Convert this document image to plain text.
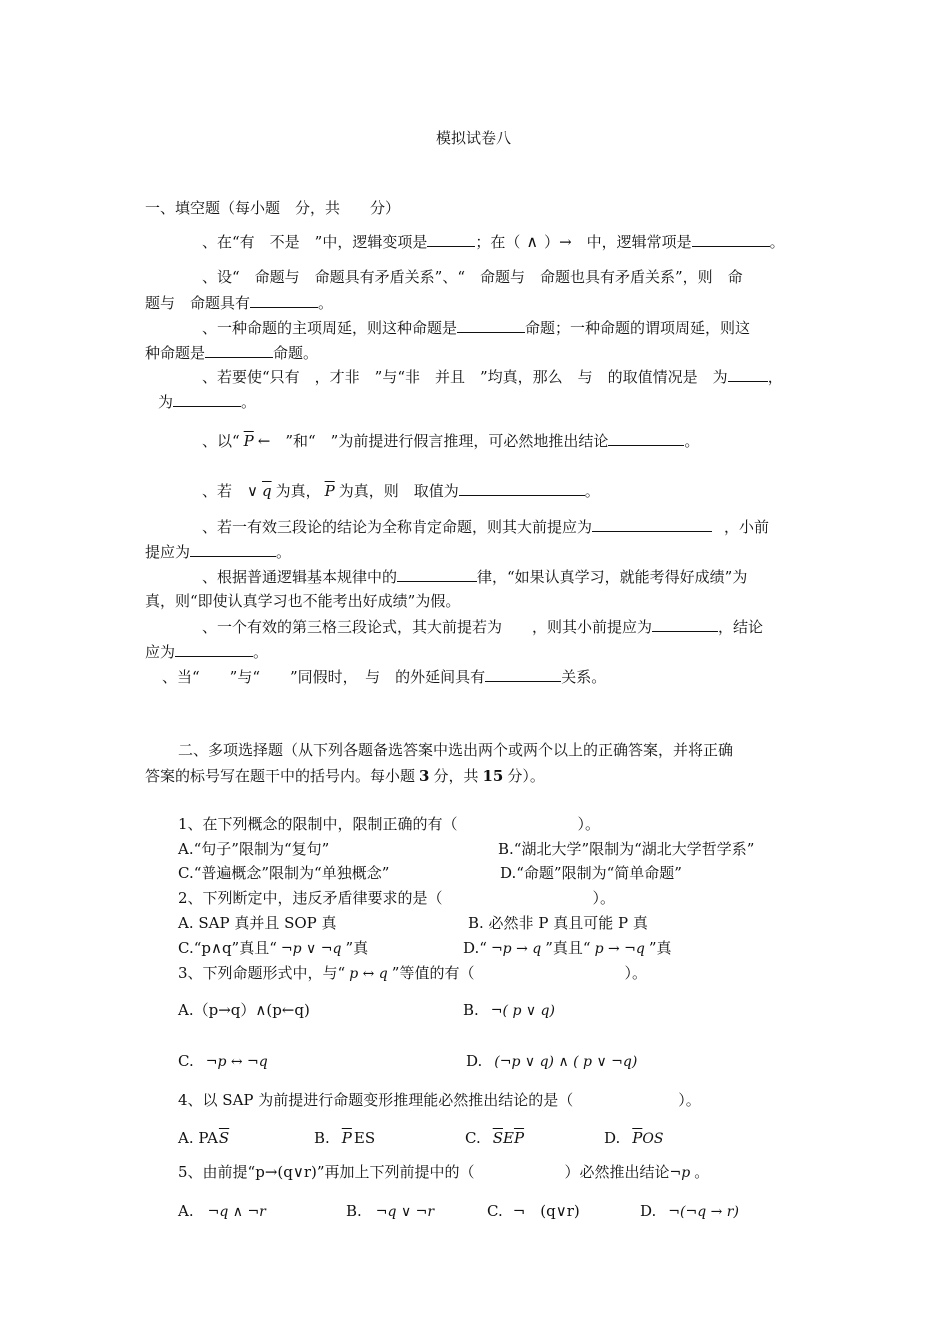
模拟试卷八
一、填空题（每小题　分，共　　分）
、在“有　不是　”中，逻辑变项是	；在（ ∧ ）→　中，逻辑常项是	。
、设“　命题与　命题具有矛盾关系”、“　命题与　命题也具有矛盾关系”，则　命
题与　命题具有	。
、一种命题的主项周延，则这种命题是	命题；一种命题的谓项周延，则这
种命题是	命题。
、若要使“只有　，才非　”与“非　并且　”均真，那么　与　的取值情况是　为	，
为	。
、以“ $\overline{P}$ ←　”和“　”为前提进行假言推理，可必然地推出结论	。
、若　∨ $\overline{q}$ 为真， $\overline{P}$ 为真，则　取值为	。
、若一有效三段论的结论为全称肯定命题，则其大前提应为	，小前
提应为	。
、根据普通逻辑基本规律中的	律，“如果认真学习，就能考得好成绩”为
真，则“即使认真学习也不能考出好成绩”为假。
、一个有效的第三格三段论式，其大前提若为　　，则其小前提应为	，结论
应为	。
、当“　　”与“　　”同假时，　与　的外延间具有	关系。
二、多项选择题（从下列各题备选答案中选出两个或两个以上的正确答案，并将正确
答案的标号写在题干中的括号内。每小题 3 分，共 15 分）。
1、在下列概念的限制中，限制正确的有（　　　　　　　　）。
A.“句子”限制为“复句”	B.“湖北大学”限制为“湖北大学哲学系”
C.“普遍概念”限制为“单独概念”	D.“命题”限制为“简单命题”
2、下列断定中，违反矛盾律要求的是（　　　　　　　　　　）。
A. SAP 真并且 SOP 真	B. 必然非 P 真且可能 P 真
C.“p∧q”真且“ ¬p ∨ ¬q ”真	D.“ ¬p → q ”真且“ p → ¬q ”真
3、下列命题形式中，与“ p ↔ q ”等值的有（　　　　　　　　　　）。
A.（p→q）∧(p←q)	B. ¬( p ∨ q)
C. ¬p ↔ ¬q	D. (¬p ∨ q) ∧ ( p ∨ ¬q)
4、以 SAP 为前提进行命题变形推理能必然推出结论的是（　　　　　　　）。
A. $PA\overline{S}$	B. $\overline{P}$ ES	C. $\overline{S}E\overline{P}$	D. $\overline{P}OS$
5、由前提“p→(q∨r)”再加上下列前提中的（　　　　　　）必然推出结论¬p 。
A. ¬q ∧ ¬r	B. ¬q ∨ ¬r	C. ¬　(q∨r)	D. ¬(¬q → r)
